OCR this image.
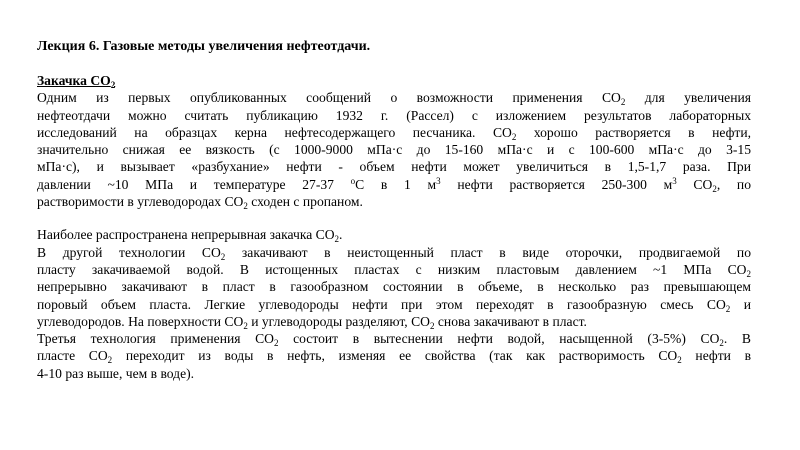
Лекция 6. Газовые методы увеличения нефтеотдачи.

Закачка $CO_2$

Одним из первых опубликованных сообщений о возможности применения $CO_2$ для увеличения
нефтеотдачи можно считать публикацию 1932 г. (Рассел) с изложением результатов лабораторных
исследований на образцах керна нефтесодержащего песчаника. $CO_2$ хорошо растворяется в нефти,
значительно снижая ее вязкость (с 1000-9000 мПа·с до 15-160 мПа·с и с 100-600 мПа·с до 3-15
мПа·с), и вызывает «разбухание» нефти - объем нефти может увеличиться в 1,5-1,7 раза. При
давлении ~10 МПа и температуре 27-37 $^о$С в 1 $м^3$ нефти растворяется 250-300 $м^3$ $CO_2$, по
растворимости в углеводородах $CO_2$ сходен с пропаном.
Наиболее распространена непрерывная закачка $CO_2$.
В другой технологии $CO_2$ закачивают в неистощенный пласт в виде оторочки, продвигаемой по
пласту закачиваемой водой. В истощенных пластах с низким пластовым давлением ~1 МПа $CO_2$
непрерывно закачивают в пласт в газообразном состоянии в объеме, в несколько раз превышающем
поровый объем пласта. Легкие углеводороды нефти при этом переходят в газообразную смесь $CO_2$ и
углеводородов. На поверхности $CO_2$ и углеводороды разделяют, $CO_2$ снова закачивают в пласт.
Третья технология применения $CO_2$ состоит в вытеснении нефти водой, насыщенной (3-5%) $CO_2$. В
пласте $CO_2$ переходит из воды в нефть, изменяя ее свойства (так как растворимость $CO_2$ нефти в
4-10 раз выше, чем в воде).
